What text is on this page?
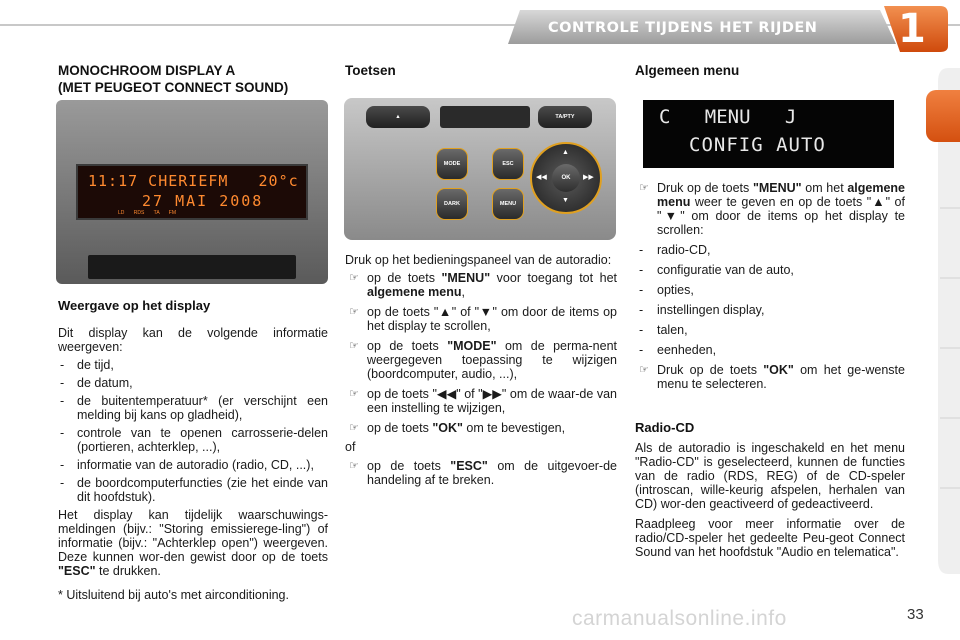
CONTROLE TIJDENS HET RIJDEN 1
MONOCHROOM DISPLAY A
(MET PEUGEOT CONNECT SOUND)
11:17 CHERIEFM   20°c
27 MAI 2008
LD RDS TA FM
Weergave op het display

Dit display kan de volgende informatie weergeven:

- de tijd,
- de datum,
- de buitentemperatuur* (er verschijnt een melding bij kans op gladheid),
- controle van te openen carrosserie-delen (portieren, achterklep, ...),
- informatie van de autoradio (radio, CD, ...),
- de boordcomputerfuncties (zie het einde van dit hoofdstuk).

Het display kan tijdelijk waarschuwings-meldingen (bijv.: "Storing emissierege-ling") of informatie (bijv.: "Achterklep open") weergeven. Deze kunnen wor-den gewist door op de toets "ESC" te drukken.

* Uitsluitend bij auto's met airconditioning.

Toetsen
▲	TA/PTY
MODE
DARK
ESC
MENU
OK
▲
▼
◀◀	▶▶

Druk op het bedieningspaneel van de autoradio:

☞ op de toets "MENU" voor toegang tot het algemene menu,
☞ op de toets "▲" of "▼" om door de items op het display te scrollen,
☞ op de toets "MODE" om de perma-nent weergegeven toepassing te wijzigen (boordcomputer, audio, ...),
☞ op de toets "◀◀" of "▶▶" om de waar-de van een instelling te wijzigen,
☞ op de toets "OK" om te bevestigen,

of

☞ op de toets "ESC" om de uitgevoer-de handeling af te breken.
Algemeen menu
C   MENU   J
CONFIG AUTO
☞ Druk op de toets "MENU" om het algemene menu weer te geven en op de toets "▲" of "▼" om door de items op het display te scrollen:
- radio-CD,
- configuratie van de auto,
- opties,
- instellingen display,
- talen,
- eenheden,
☞ Druk op de toets "OK" om het ge-wenste menu te selecteren.
Radio-CD

Als de autoradio is ingeschakeld en het menu "Radio-CD" is geselecteerd, kunnen de functies van de radio (RDS, REG) of de CD-speler (introscan, wille-keurig afspelen, herhalen van CD) wor-den geactiveerd of gedeactiveerd.

Raadpleeg voor meer informatie over de radio/CD-speler het gedeelte Peu-geot Connect Sound van het hoofdstuk "Audio en telematica".

carmanualsonline.info	33
